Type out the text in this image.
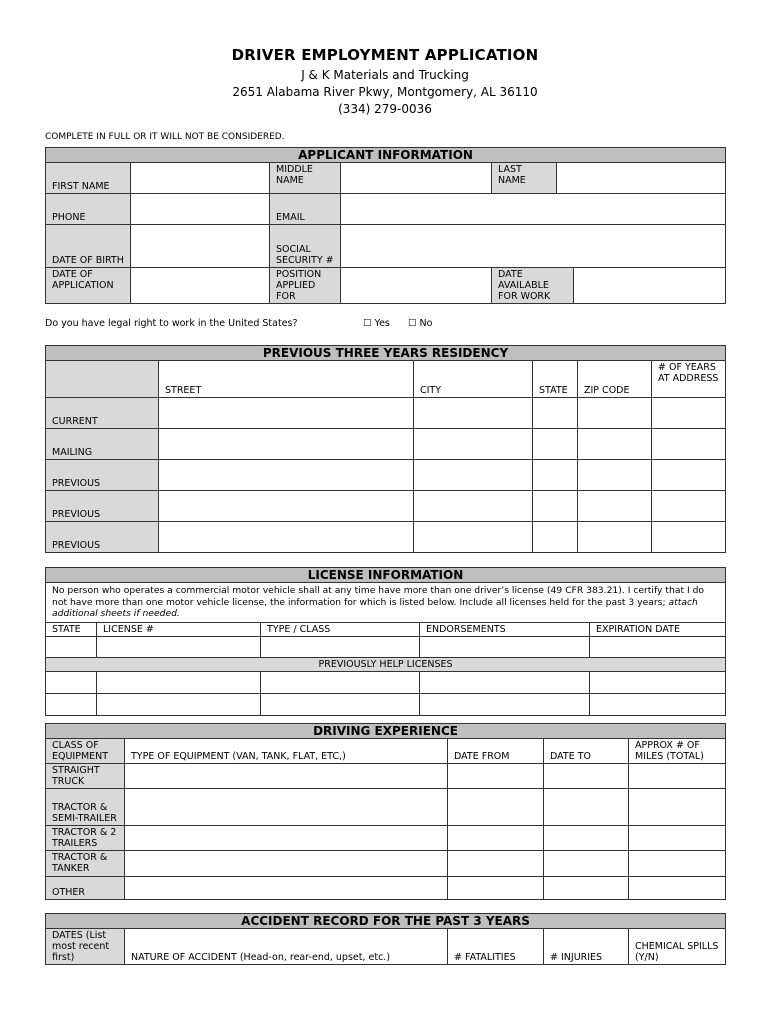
DRIVER EMPLOYMENT APPLICATION
J & K Materials and Trucking
2651 Alabama River Pkwy, Montgomery, AL 36110
(334) 279-0036
COMPLETE IN FULL OR IT WILL NOT BE CONSIDERED.
APPLICANT INFORMATION						
FIRST NAME		MIDDLE NAME		LAST NAME		
PHONE		EMAIL				
DATE OF BIRTH		SOCIAL SECURITY #				
DATE OF APPLICATION		POSITION APPLIED FOR		DATE AVAILABLE FOR WORK		
Do you have legal right to work in the United States?	☐ Yes ☐ No
PREVIOUS THREE YEARS RESIDENCY					
	STREET	CITY	STATE	ZIP CODE	# OF YEARS AT ADDRESS
CURRENT					
MAILING					
PREVIOUS					
PREVIOUS					
PREVIOUS					
LICENSE INFORMATION				
No person who operates a commercial motor vehicle shall at any time have more than one driver’s license (49 CFR 383.21). I certify that I do not have more than one motor vehicle license, the information for which is listed below. Include all licenses held for the past 3 years; attach additional sheets if needed.				
STATE	LICENSE #	TYPE / CLASS	ENDORSEMENTS	EXPIRATION DATE

PREVIOUSLY HELP LICENSES				

DRIVING EXPERIENCE				
CLASS OF EQUIPMENT	TYPE OF EQUIPMENT (VAN, TANK, FLAT, ETC,)	DATE FROM	DATE TO	APPROX # OF MILES (TOTAL)
STRAIGHT TRUCK				
TRACTOR & SEMI-TRAILER				
TRACTOR & 2 TRAILERS				
TRACTOR & TANKER				
OTHER				
ACCIDENT RECORD FOR THE PAST 3 YEARS
DATES (List most recent first)	NATURE OF ACCIDENT (Head-on, rear-end, upset, etc.)	# FATALITIES	# INJURIES	CHEMICAL SPILLS (Y/N)
